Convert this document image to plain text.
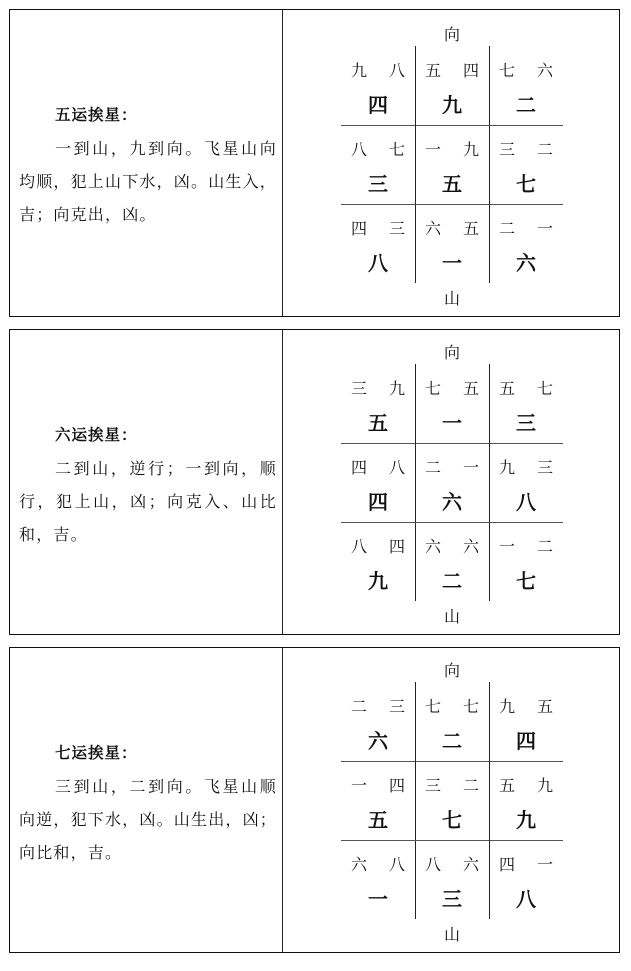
五运挨星：
一到山，九到向。飞星山向均顺，犯上山下水，凶。山生入，吉；向克出，凶。
向
九 八
四
五 四
九
七 六
二
八 七
三
一 九
五
三 二
七
四 三
八
六 五
一
二 一
六
山
六运挨星：
二到山，逆行；一到向，顺行，犯上山，凶；向克入、山比和，吉。
向
三 九
五
七 五
一
五 七
三
四 八
四
二 一
六
九 三
八
八 四
九
六 六
二
一 二
七
山
七运挨星：
三到山，二到向。飞星山顺向逆，犯下水，凶。山生出，凶；向比和，吉。
向
二 三
六
七 七
二
九 五
四
一 四
五
三 二
七
五 九
九
六 八
一
八 六
三
四 一
八
山
